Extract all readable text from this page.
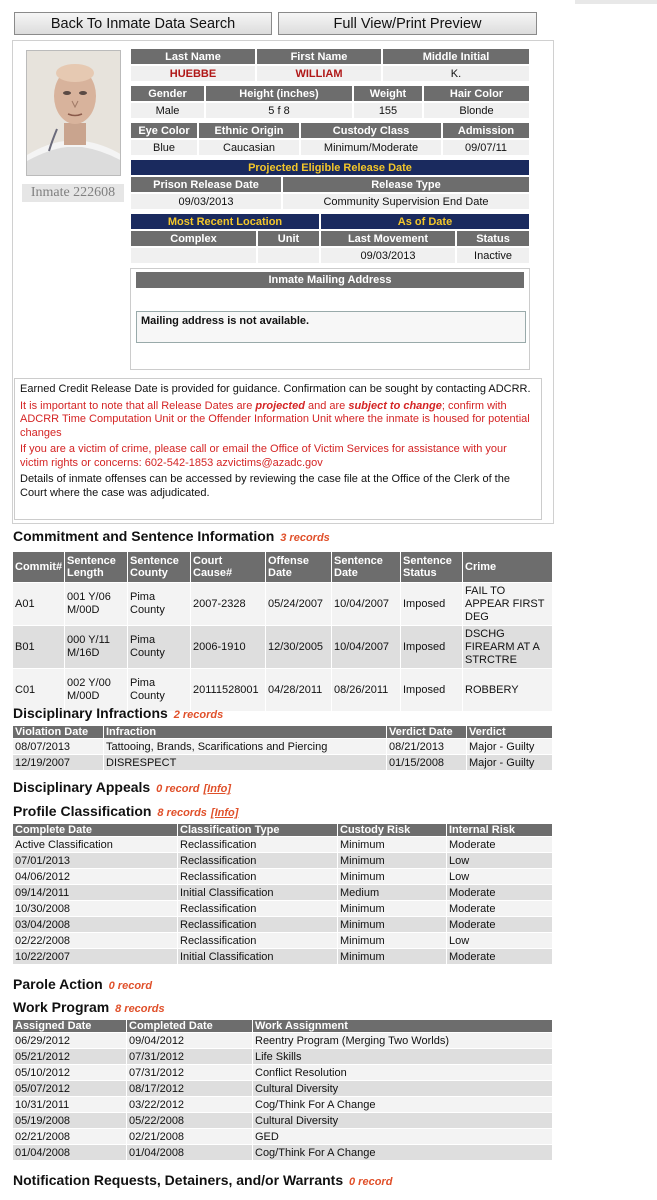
Back To Inmate Data Search	Full View/Print Preview
Inmate 222608
Last Name	First Name	Middle Initial
HUEBBE	WILLIAM	K.
Gender	Height (inches)	Weight	Hair Color
Male	5 f 8	155	Blonde
Eye Color	Ethnic Origin	Custody Class	Admission
Blue	Caucasian	Minimum/Moderate	09/07/11
Projected Eligible Release Date	
Prison Release Date	Release Type
09/03/2013	Community Supervision End Date
Most Recent Location		As of Date	
Complex	Unit	Last Movement	Status
		09/03/2013	Inactive
Inmate Mailing Address
Mailing address is not available.

Earned Credit Release Date is provided for guidance. Confirmation can be sought by contacting ADCRR.

It is important to note that all Release Dates are projected and are subject to change; confirm with ADCRR Time Computation Unit or the Offender Information Unit where the inmate is housed for potential changes

If you are a victim of crime, please call or email the Office of Victim Services for assistance with your victim rights or concerns: 602-542-1853 azvictims@azadc.gov

Details of inmate offenses can be accessed by reviewing the case file at the Office of the Clerk of the Court where the case was adjudicated.

Commitment and Sentence Information 3 records
Commit#	Sentence Length	Sentence County	Court Cause#	Offense Date	Sentence Date	Sentence Status	Crime
A01	001 Y/06 M/00D	Pima County	2007-2328	05/24/2007	10/04/2007	Imposed	FAIL TO APPEAR FIRST DEG
B01	000 Y/11 M/16D	Pima County	2006-1910	12/30/2005	10/04/2007	Imposed	DSCHG FIREARM AT A STRCTRE
C01	002 Y/00 M/00D	Pima County	20111528001	04/28/2011	08/26/2011	Imposed	ROBBERY
Disciplinary Infractions 2 records
Violation Date	Infraction	Verdict Date	Verdict
08/07/2013	Tattooing, Brands, Scarifications and Piercing	08/21/2013	Major - Guilty
12/19/2007	DISRESPECT	01/15/2008	Major - Guilty
Disciplinary Appeals 0 record [Info]
Profile Classification 8 records [Info]
Complete Date	Classification Type	Custody Risk	Internal Risk
Active Classification	Reclassification	Minimum	Moderate
07/01/2013	Reclassification	Minimum	Low
04/06/2012	Reclassification	Minimum	Low
09/14/2011	Initial Classification	Medium	Moderate
10/30/2008	Reclassification	Minimum	Moderate
03/04/2008	Reclassification	Minimum	Moderate
02/22/2008	Reclassification	Minimum	Low
10/22/2007	Initial Classification	Minimum	Moderate
Parole Action 0 record
Work Program 8 records
Assigned Date	Completed Date	Work Assignment
06/29/2012	09/04/2012	Reentry Program (Merging Two Worlds)
05/21/2012	07/31/2012	Life Skills
05/10/2012	07/31/2012	Conflict Resolution
05/07/2012	08/17/2012	Cultural Diversity
10/31/2011	03/22/2012	Cog/Think For A Change
05/19/2008	05/22/2008	Cultural Diversity
02/21/2008	02/21/2008	GED
01/04/2008	01/04/2008	Cog/Think For A Change
Notification Requests, Detainers, and/or Warrants 0 record
